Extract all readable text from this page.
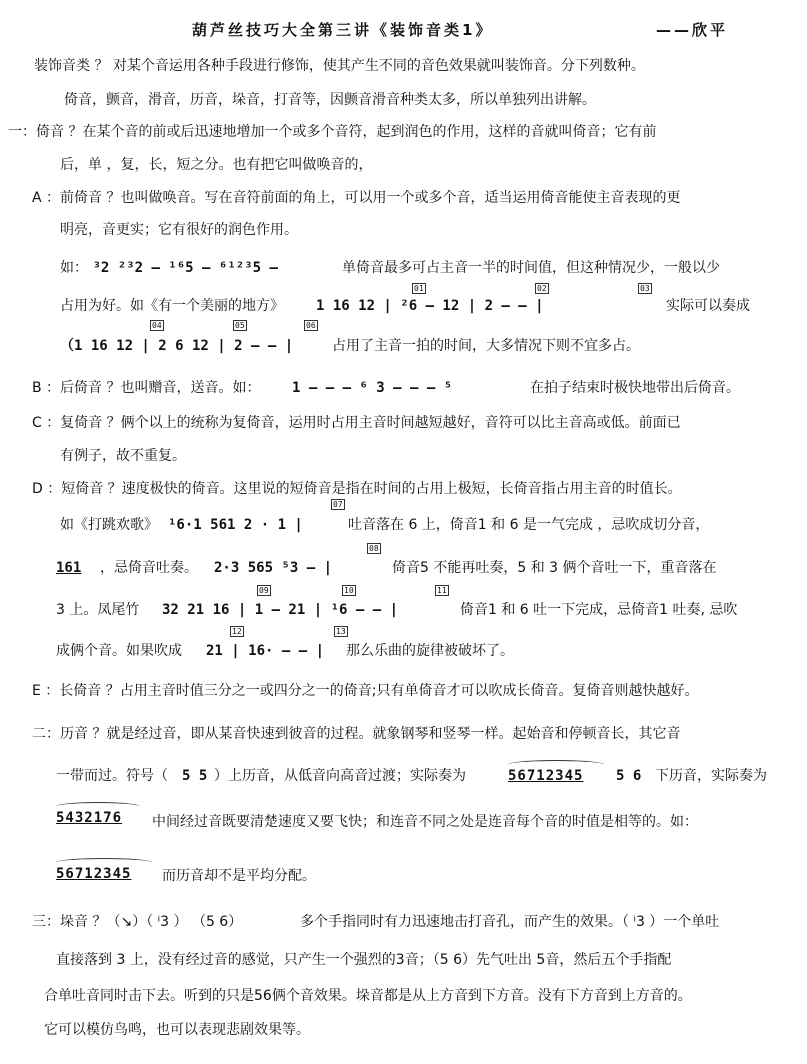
葫芦丝技巧大全第三讲《装饰音类1》	——欣平
装饰音类 ？ 对某个音运用各种手段进行修饰，使其产生不同的音色效果就叫装饰音。分下列数种。
倚音，颤音，滑音，历音，垛音，打音等，因颤音滑音种类太多，所以单独列出讲解。
一：倚音 ？在某个音的前或后迅速地增加一个或多个音符，起到润色的作用，这样的音就叫倚音；它有前
后，单 ，复，长，短之分。也有把它叫做唤音的，
A ：前倚音 ？也叫做唤音。写在音符前面的角上，可以用一个或多个音，适当运用倚音能使主音表现的更
明亮，音更实；它有很好的润色作用。
如： ³2 ²³2 – ¹⁶5 – ⁶¹²³5 –	单倚音最多可占主音一半的时间值，但这种情况少，一般以少
占用为好。如《有一个美丽的地方》 1 16 12 | ²6 – 12 | 2 – – |	实际可以奏成
01	02	03
（1 16 12 | 2 6 12 | 2 – – |	占用了主音一拍的时间，大多情况下则不宜多占。
04	05	06
B ：后倚音 ？也叫赠音，送音。如： 1 – – – ⁶ 3 – – – ⁵	在拍子结束时极快地带出后倚音。
C ：复倚音 ？俩个以上的统称为复倚音，运用时占用主音时间越短越好，音符可以比主音高或低。前面已
有例子，故不重复。
D ：短倚音 ？速度极快的倚音。这里说的短倚音是指在时间的占用上极短，长倚音指占用主音的时值长。
如《打跳欢歌》 ¹6·1 561 2 · 1 |	吐音落在 6 上，倚音1 和 6 是一气完成 ，忌吹成切分音，
07
161 ，忌倚音吐奏。 2·3 565 ⁵3 – |	倚音5 不能再吐奏，5 和 3 俩个音吐一下，重音落在
08
3 上。凤尾竹 32 21 16 | 1 – 21 | ¹6 – – |	倚音1 和 6 吐一下完成，忌倚音1 吐奏, 忌吹
09	10	11
成俩个音。如果吹成 21 | 16· – – | 那么乐曲的旋律被破坏了。
12	13
E ：长倚音 ？占用主音时值三分之一或四分之一的倚音;只有单倚音才可以吹成长倚音。复倚音则越快越好。
二：历音 ？就是经过音，即从某音快速到彼音的过程。就象钢琴和竖琴一样。起始音和停顿音长，其它音
一带而过。符号（ 5 5 ）上历音，从低音向高音过渡；实际奏为	56712345 5 6 下历音，实际奏为
5432176 中间经过音既要清楚速度又要飞快；和连音不同之处是连音每个音的时值是相等的。如：
56712345 而历音却不是平均分配。
三：垛音 ？（↘）（ ⁱ3 ） （5 6）	多个手指同时有力迅速地击打音孔，而产生的效果。（ ⁱ3 ）一个单吐
直接落到 3 上，没有经过音的感觉，只产生一个强烈的3音；（5 6）先气吐出 5音，然后五个手指配
合单吐音同时击下去。听到的只是56俩个音效果。垛音都是从上方音到下方音。没有下方音到上方音的。
它可以模仿鸟鸣，也可以表现悲剧效果等。
